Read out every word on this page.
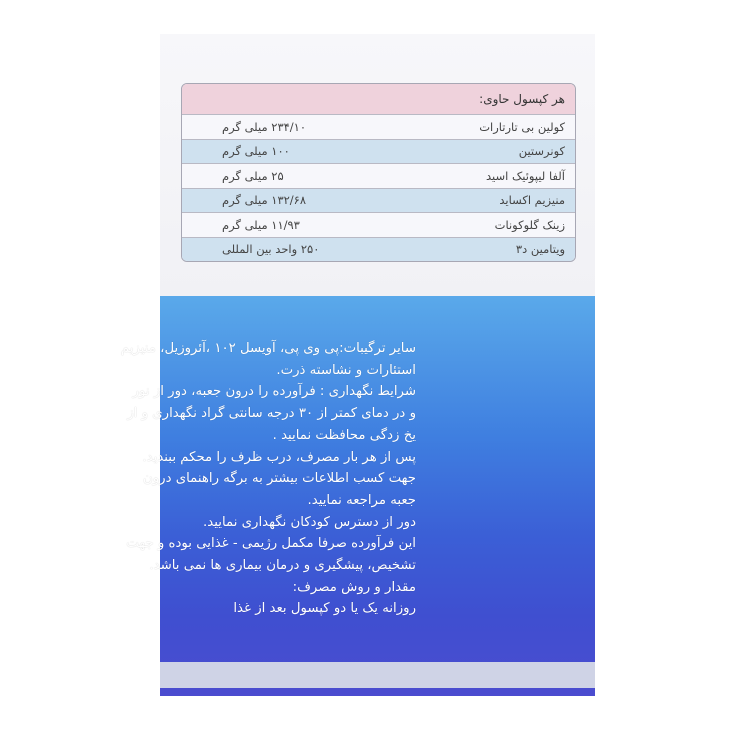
هر کپسول حاوی:
کولین بی تارتارات
۲۳۴/۱۰ میلی گرم
کونرستین
۱۰۰ میلی گرم
آلفا لیپوئیک اسید
۲۵ میلی گرم
منیزیم اکساید
۱۳۲/۶۸ میلی گرم
زینک گلوکونات
۱۱/۹۳ میلی گرم
ویتامین د۳
۲۵۰ واحد بین المللی

سایر ترگیبات:پی وی پی، آویسل ۱۰۲ ،آئروزیل، منیزیم

استئارات و نشاسته ذرت.

شرایط نگهداری : فرآورده را درون جعبه، دور از نور

و در دمای کمتر از ۳۰ درجه سانتی گراد نگهداری و از

یخ زدگی محافظت نمایید .

پس از هر بار مصرف، درب ظرف را محکم ببندید.

جهت کسب اطلاعات بیشتر به برگه راهنمای درون

جعبه مراجعه نمایید.

دور از دسترس کودکان نگهداری نمایید.

این فرآورده صرفا مکمل رژیمی - غذایی بوده و جهت

تشخیص، پیشگیری و درمان بیماری ها نمی باشد.

مقدار و روش مصرف:

روزانه یک یا دو کپسول بعد از غذا
